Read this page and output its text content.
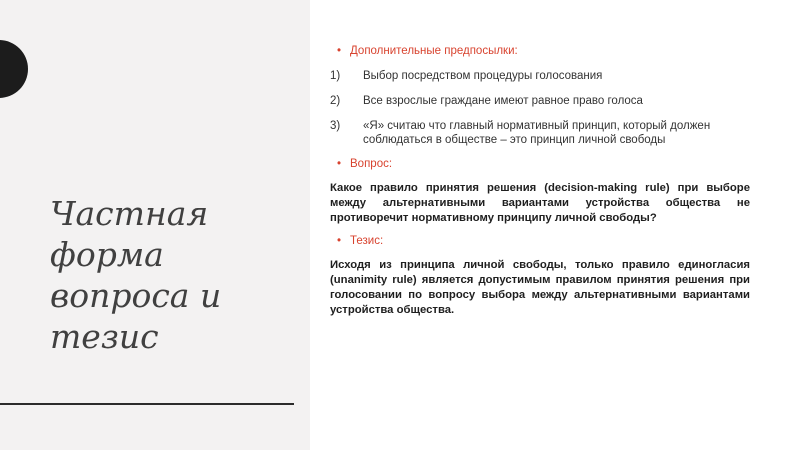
Частная
форма
вопроса и
тезис
• Дополнительные предпосылки:
1) Выбор посредством процедуры голосования
2) Все взрослые граждане имеют равное право голоса
3) «Я» считаю что главный нормативный принцип, который должен соблюдаться в обществе – это принцип личной свободы
• Вопрос:
Какое правило принятия решения (decision-making rule) при выборе между альтернативными вариантами устройства общества не противоречит нормативному принципу личной свободы?
• Тезис:
Исходя из принципа личной свободы, только правило единогласия (unanimity rule) является допустимым правилом принятия решения при голосовании по вопросу выбора между альтернативными вариантами устройства общества.
